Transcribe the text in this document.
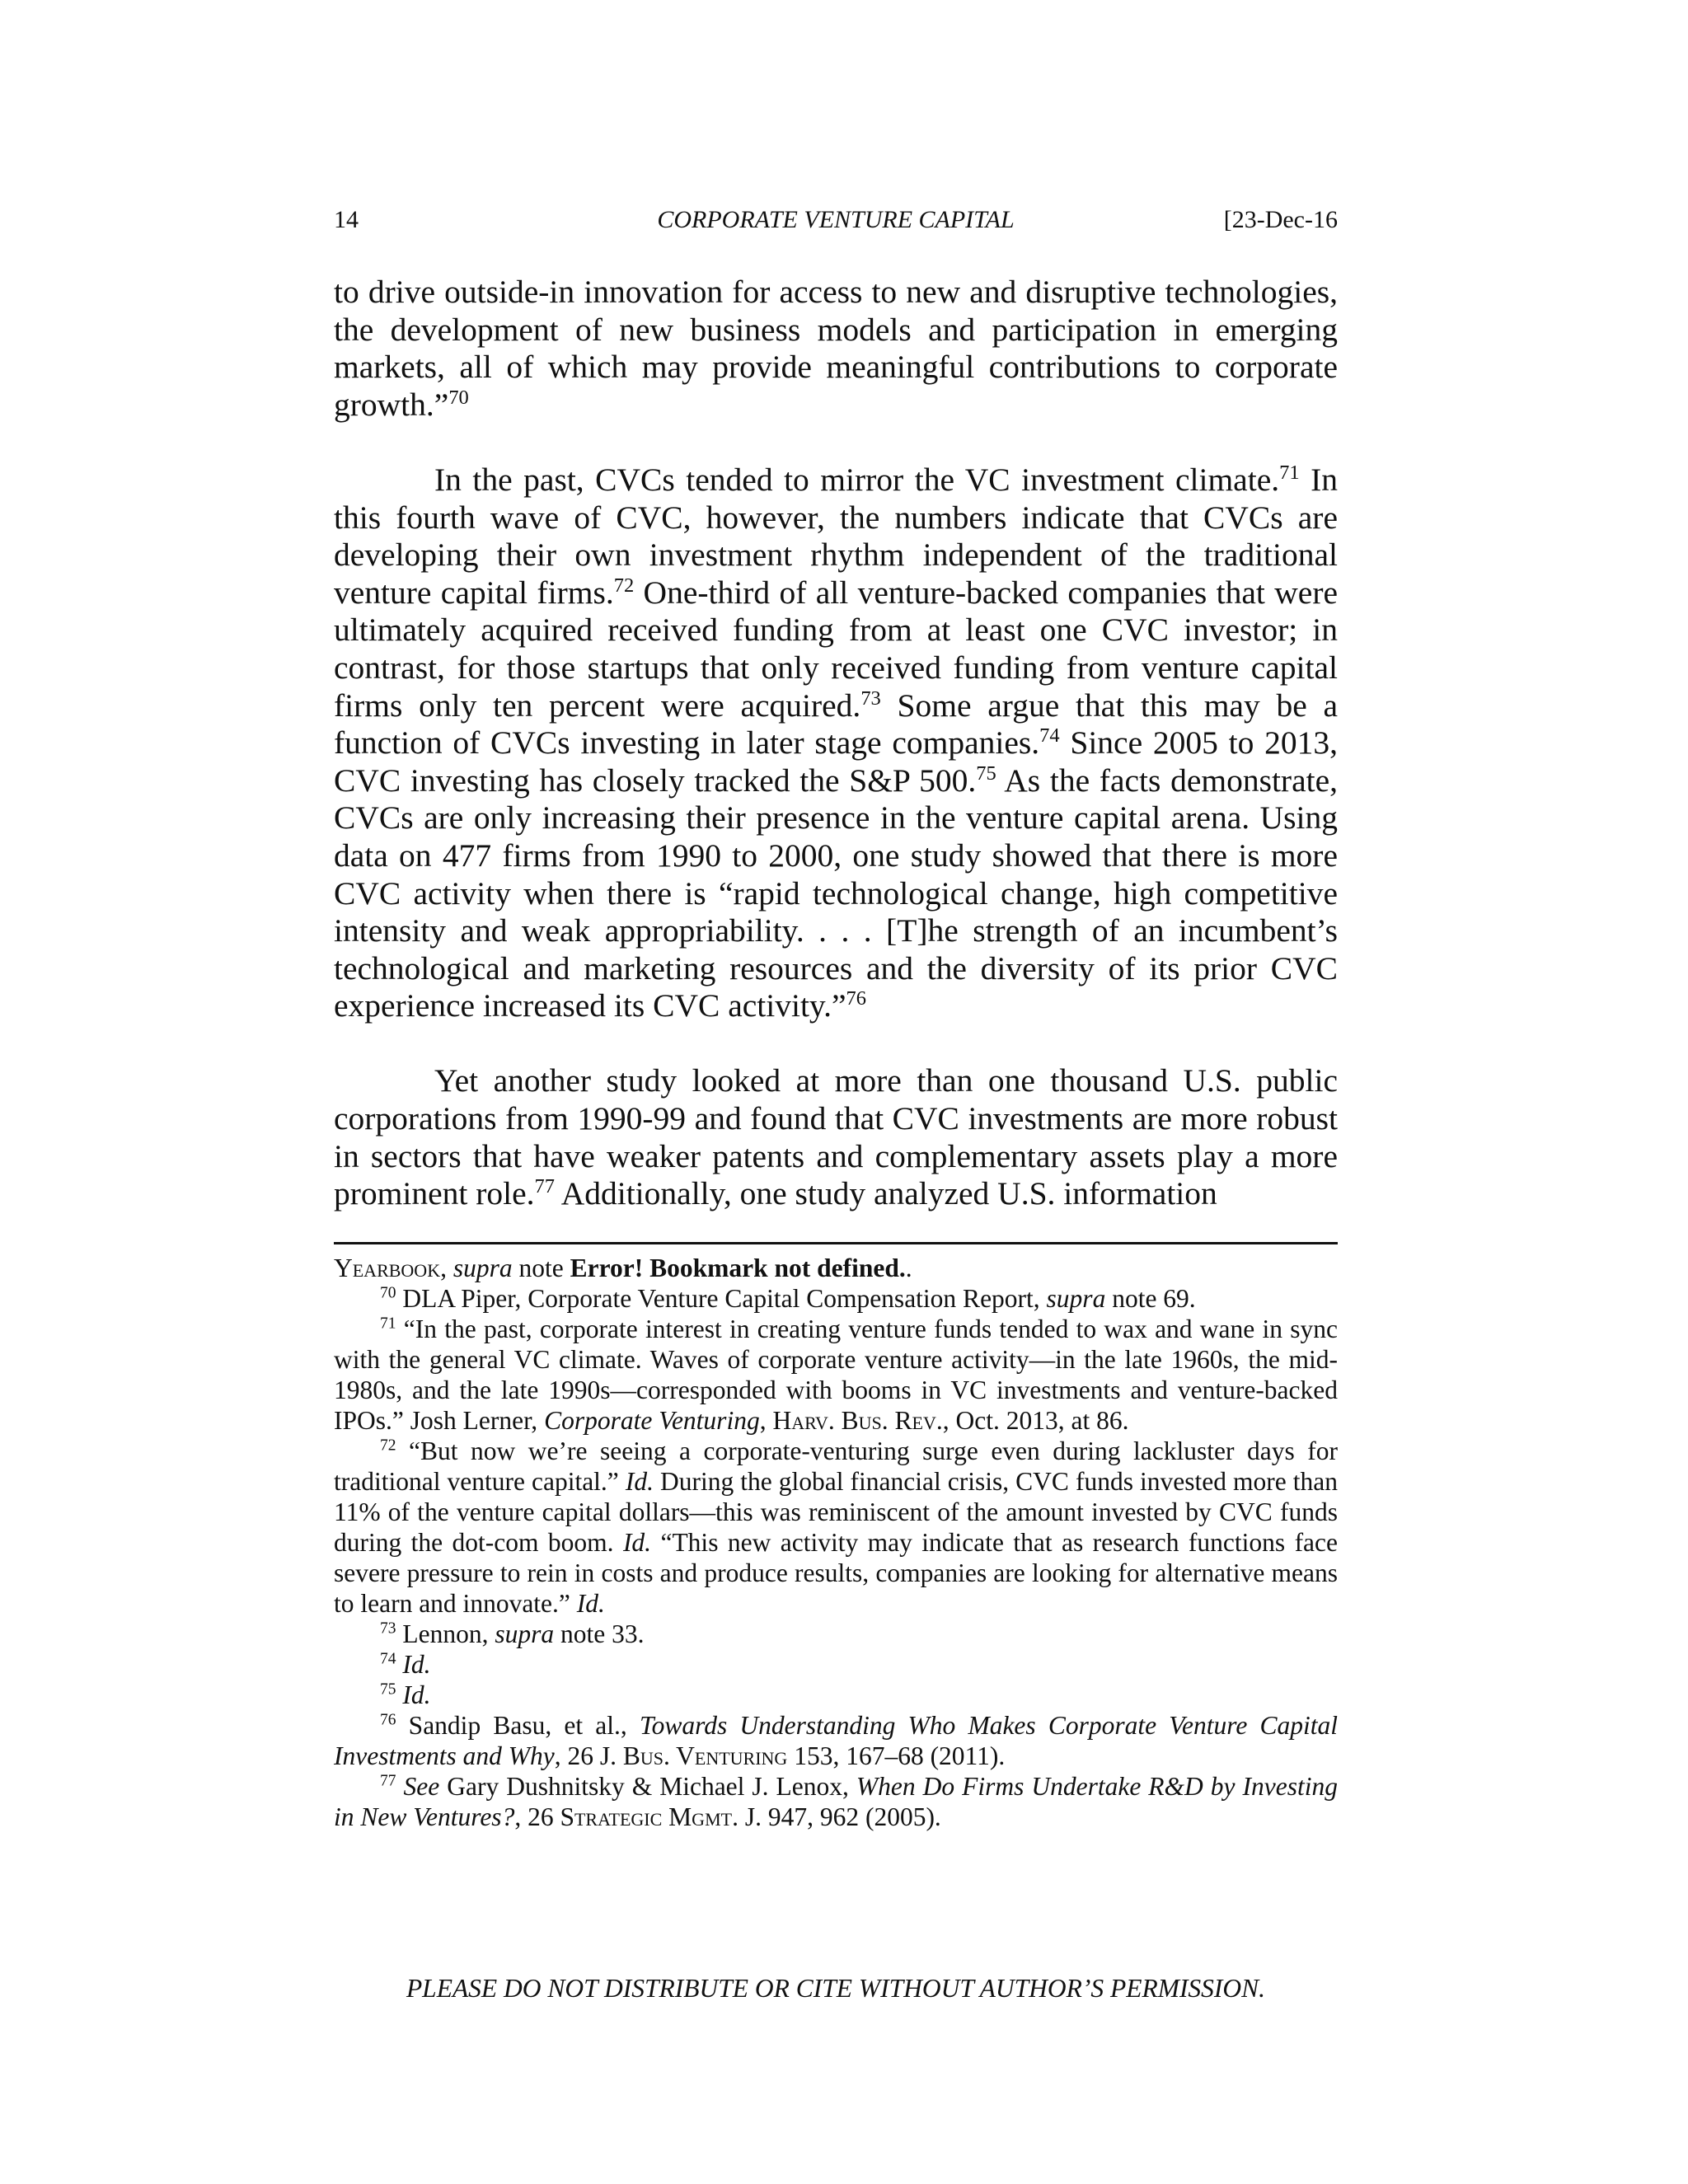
14	CORPORATE VENTURE CAPITAL	[23-Dec-16

to drive outside-in innovation for access to new and disruptive technologies, the development of new business models and participation in emerging markets, all of which may provide meaningful contributions to corporate growth.”$^{70}$

In the past, CVCs tended to mirror the VC investment climate.$^{71}$ In this fourth wave of CVC, however, the numbers indicate that CVCs are developing their own investment rhythm independent of the traditional venture capital firms.$^{72}$ One-third of all venture-backed companies that were ultimately acquired received funding from at least one CVC investor; in contrast, for those startups that only received funding from venture capital firms only ten percent were acquired.$^{73}$ Some argue that this may be a function of CVCs investing in later stage companies.$^{74}$ Since 2005 to 2013, CVC investing has closely tracked the S&P 500.75 As the facts demonstrate, CVCs are only increasing their presence in the venture capital arena. Using data on 477 firms from 1990 to 2000, one study showed that there is more CVC activity when there is “rapid technological change, high competitive intensity and weak appropriability. . . . [T]he strength of an incumbent’s technological and marketing resources and the diversity of its prior CVC experience increased its CVC activity.”$^{76}$

Yet another study looked at more than one thousand U.S. public corporations from 1990-99 and found that CVC investments are more robust in sectors that have weaker patents and complementary assets play a more prominent role.$^{77}$ Additionally, one study analyzed U.S. information

Yearbook, supra note Error! Bookmark not defined..

$^{70}$ DLA Piper, Corporate Venture Capital Compensation Report, supra note 69.

$^{71}$ “In the past, corporate interest in creating venture funds tended to wax and wane in sync with the general VC climate. Waves of corporate venture activity—in the late 1960s, the mid-1980s, and the late 1990s—corresponded with booms in VC investments and venture-backed IPOs.” Josh Lerner, Corporate Venturing, Harv. Bus. Rev., Oct. 2013, at 86.

$^{72}$ “But now we’re seeing a corporate-venturing surge even during lackluster days for traditional venture capital.” Id. During the global financial crisis, CVC funds invested more than 11% of the venture capital dollars—this was reminiscent of the amount invested by CVC funds during the dot-com boom. Id. “This new activity may indicate that as research functions face severe pressure to rein in costs and produce results, companies are looking for alternative means to learn and innovate.” Id.

$^{73}$ Lennon, supra note 33.

$^{74}$ Id.

$^{75}$ Id.

$^{76}$ Sandip Basu, et al., Towards Understanding Who Makes Corporate Venture Capital Investments and Why, 26 J. Bus. Venturing 153, 167–68 (2011).

$^{77}$ See Gary Dushnitsky & Michael J. Lenox, When Do Firms Undertake R&D by Investing in New Ventures?, 26 Strategic Mgmt. J. 947, 962 (2005).

PLEASE DO NOT DISTRIBUTE OR CITE WITHOUT AUTHOR’S PERMISSION.
